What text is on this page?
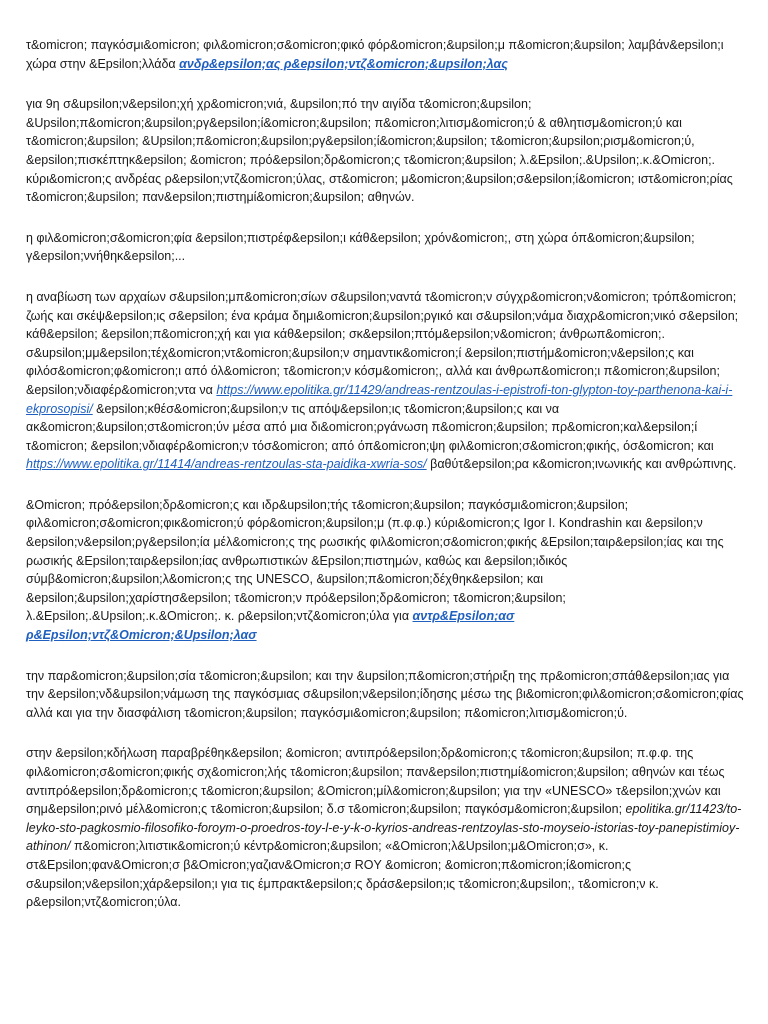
τ&omicron; παγκόσμι&omicron; φιλ&omicron;σ&omicron;φικό φόρ&omicron;&upsilon;μ π&omicron;&upsilon; λαμβάν&epsilon;ι χώρα στην &Epsilon;λλάδα ανδρ&epsilon;ας ρ&epsilon;ντζ&omicron;&upsilon;λας

για 9η σ&upsilon;ν&epsilon;χή χρ&omicron;νιά, &upsilon;πό την αιγίδα τ&omicron;&upsilon; &Upsilon;π&omicron;&upsilon;ργ&epsilon;ί&omicron;&upsilon; π&omicron;λιτισμ&omicron;ύ & αθλητισμ&omicron;ύ και τ&omicron;&upsilon; &Upsilon;π&omicron;&upsilon;ργ&epsilon;ί&omicron;&upsilon; τ&omicron;&upsilon;ρισμ&omicron;ύ, &epsilon;πισκέπτηκ&epsilon; &omicron; πρό&epsilon;δρ&omicron;ς τ&omicron;&upsilon; λ.&Epsilon;.&Upsilon;.κ.&Omicron;. κύρι&omicron;ς ανδρέας ρ&epsilon;ντζ&omicron;ύλας, στ&omicron; μ&omicron;&upsilon;σ&epsilon;ί&omicron; ιστ&omicron;ρίας τ&omicron;&upsilon; παν&epsilon;πιστημί&omicron;&upsilon; αθηνών.

η φιλ&omicron;σ&omicron;φία &epsilon;πιστρέφ&epsilon;ι κάθ&epsilon; χρόν&omicron;, στη χώρα όπ&omicron;&upsilon; γ&epsilon;ννήθηκ&epsilon;...

η αναβίωση των αρχαίων σ&upsilon;μπ&omicron;σίων σ&upsilon;ναντά τ&omicron;ν σύγχρ&omicron;ν&omicron; τρόπ&omicron; ζωής και σκέψ&epsilon;ις σ&epsilon; ένα κράμα δημι&omicron;&upsilon;ργικό και σ&upsilon;νάμα διαχρ&omicron;νικό σ&epsilon; κάθ&epsilon; &epsilon;π&omicron;χή και για κάθ&epsilon; σκ&epsilon;πτόμ&epsilon;ν&omicron; άνθρωπ&omicron;. σ&upsilon;μμ&epsilon;τέχ&omicron;ντ&omicron;&upsilon;ν σημαντικ&omicron;ί &epsilon;πιστήμ&omicron;ν&epsilon;ς και φιλόσ&omicron;φ&omicron;ι από όλ&omicron; τ&omicron;ν κόσμ&omicron;, αλλά και άνθρωπ&omicron;ι π&omicron;&upsilon; &epsilon;νδιαφέρ&omicron;ντα να https://www.epolitika.gr/11429/andreas-rentzoulas-i-epistrofi-ton-glypton-toy-parthenona-kai-i-ekprosopisi/ &epsilon;κθέσ&omicron;&upsilon;ν τις απόψ&epsilon;ις τ&omicron;&upsilon;ς και να ακ&omicron;&upsilon;στ&omicron;ύν μέσα από μια δι&omicron;ργάνωση π&omicron;&upsilon; πρ&omicron;καλ&epsilon;ί τ&omicron; &epsilon;νδιαφέρ&omicron;ν τόσ&omicron; από όπ&omicron;ψη φιλ&omicron;σ&omicron;φικής, όσ&omicron; και https://www.epolitika.gr/11414/andreas-rentzoulas-sta-paidika-xwria-sos/ βαθύτ&epsilon;ρα κ&omicron;ινωνικής και ανθρώπινης.

&Omicron; πρό&epsilon;δρ&omicron;ς και ιδρ&upsilon;τής τ&omicron;&upsilon; παγκόσμι&omicron;&upsilon; φιλ&omicron;σ&omicron;φικ&omicron;ύ φόρ&omicron;&upsilon;μ (π.φ.φ.) κύρι&omicron;ς Igor I. Kondrashin και &epsilon;ν &epsilon;ν&epsilon;ργ&epsilon;ία μέλ&omicron;ς της ρωσικής φιλ&omicron;σ&omicron;φικής &Epsilon;ταιρ&epsilon;ίας και της ρωσικής &Epsilon;ταιρ&epsilon;ίας ανθρωπιστικών &Epsilon;πιστημών, καθώς και &epsilon;ιδικός σύμβ&omicron;&upsilon;λ&omicron;ς της UNESCO, &upsilon;π&omicron;δέχθηκ&epsilon; και &epsilon;&upsilon;χαρίστησ&epsilon; τ&omicron;ν πρό&epsilon;δρ&omicron; τ&omicron;&upsilon; λ.&Epsilon;.&Upsilon;.κ.&Omicron;. κ. ρ&epsilon;ντζ&omicron;ύλα για αντρ&Epsilon;ασ ρ&Epsilon;ντζ&Omicron;&Upsilon;λασ

την παρ&omicron;&upsilon;σία τ&omicron;&upsilon; και την &upsilon;π&omicron;στήριξη της πρ&omicron;σπάθ&epsilon;ιας για την &epsilon;νδ&upsilon;νάμωση της παγκόσμιας σ&upsilon;ν&epsilon;ίδησης μέσω της βι&omicron;φιλ&omicron;σ&omicron;φίας αλλά και για την διασφάλιση τ&omicron;&upsilon; παγκόσμι&omicron;&upsilon; π&omicron;λιτισμ&omicron;ύ.

στην &epsilon;κδήλωση παραβρέθηκ&epsilon; &omicron; αντιπρό&epsilon;δρ&omicron;ς τ&omicron;&upsilon; π.φ.φ. της φιλ&omicron;σ&omicron;φικής σχ&omicron;λής τ&omicron;&upsilon; παν&epsilon;πιστημί&omicron;&upsilon; αθηνών και τέως αντιπρό&epsilon;δρ&omicron;ς τ&omicron;&upsilon; &Omicron;μίλ&omicron;&upsilon; για την «UNESCO» τ&epsilon;χνών και σημ&epsilon;ρινό μέλ&omicron;ς τ&omicron;&upsilon; δ.σ τ&omicron;&upsilon; παγκόσμ&omicron;&upsilon; epolitika.gr/11423/to-leyko-sto-pagkosmio-filosofiko-foroym-o-proedros-toy-l-e-y-k-o-kyrios-andreas-rentzoylas-sto-moyseio-istorias-toy-panepistimioy-athinon/ π&omicron;λιτιστικ&omicron;ύ κέντρ&omicron;&upsilon; «&Omicron;λ&Upsilon;μ&Omicron;σ», κ. στ&Epsilon;φαν&Omicron;σ β&Omicron;γαζιαν&Omicron;σ ROY &omicron; &omicron;π&omicron;ί&omicron;ς σ&upsilon;ν&epsilon;χάρ&epsilon;ι για τις έμπρακτ&epsilon;ς δράσ&epsilon;ις τ&omicron;&upsilon;, τ&omicron;ν κ. ρ&epsilon;ντζ&omicron;ύλα.
